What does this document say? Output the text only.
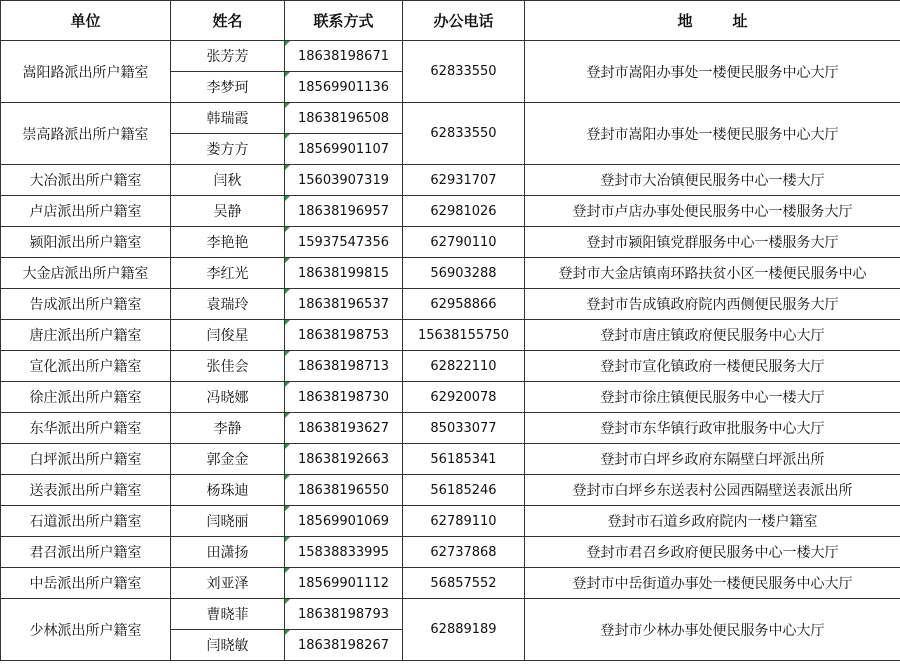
单位	姓名	联系方式	办公电话	地 址
嵩阳路派出所户籍室	张芳芳	18638198671	62833550	登封市嵩阳办事处一楼便民服务中心大厅
	李梦珂	18569901136		
崇高路派出所户籍室	韩瑞霞	18638196508	62833550	登封市嵩阳办事处一楼便民服务中心大厅
	娄方方	18569901107		
大冶派出所户籍室	闫秋	15603907319	62931707	登封市大冶镇便民服务中心一楼大厅
卢店派出所户籍室	吴静	18638196957	62981026	登封市卢店办事处便民服务中心一楼服务大厅
颍阳派出所户籍室	李艳艳	15937547356	62790110	登封市颍阳镇党群服务中心一楼服务大厅
大金店派出所户籍室	李红光	18638199815	56903288	登封市大金店镇南环路扶贫小区一楼便民服务中心
告成派出所户籍室	袁瑞玲	18638196537	62958866	登封市告成镇政府院内西侧便民服务大厅
唐庄派出所户籍室	闫俊星	18638198753	15638155750	登封市唐庄镇政府便民服务中心大厅
宣化派出所户籍室	张佳会	18638198713	62822110	登封市宣化镇政府一楼便民服务大厅
徐庄派出所户籍室	冯晓娜	18638198730	62920078	登封市徐庄镇便民服务中心一楼大厅
东华派出所户籍室	李静	18638193627	85033077	登封市东华镇行政审批服务中心大厅
白坪派出所户籍室	郭金金	18638192663	56185341	登封市白坪乡政府东隔壁白坪派出所
送表派出所户籍室	杨珠迪	18638196550	56185246	登封市白坪乡东送表村公园西隔壁送表派出所
石道派出所户籍室	闫晓丽	18569901069	62789110	登封市石道乡政府院内一楼户籍室
君召派出所户籍室	田潇扬	15838833995	62737868	登封市君召乡政府便民服务中心一楼大厅
中岳派出所户籍室	刘亚泽	18569901112	56857552	登封市中岳街道办事处一楼便民服务中心大厅
少林派出所户籍室	曹晓菲	18638198793	62889189	登封市少林办事处便民服务中心大厅
	闫晓敏	18638198267		
